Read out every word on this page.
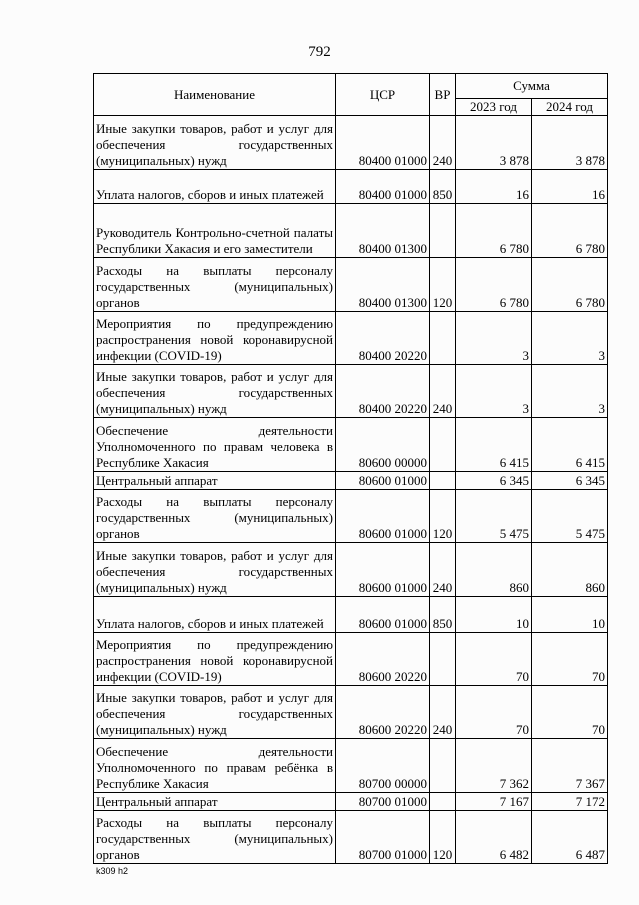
792
Наименование	ЦСР	ВР	Сумма	
			2023 год	2024 год
Иные закупки товаров, работ и услуг для обеспечения государственных (муниципальных) нужд	80400 01000	240	3 878	3 878
Уплата налогов, сборов и иных платежей	80400 01000	850	16	16
Руководитель Контрольно-счетной палаты Республики Хакасия и его заместители	80400 01300		6 780	6 780
Расходы на выплаты персоналу государственных (муниципальных) органов	80400 01300	120	6 780	6 780
Мероприятия по предупреждению распространения новой коронавирусной инфекции (COVID-19)	80400 20220		3	3
Иные закупки товаров, работ и услуг для обеспечения государственных (муниципальных) нужд	80400 20220	240	3	3
Обеспечение деятельности Уполномоченного по правам человека в Республике Хакасия	80600 00000		6 415	6 415
Центральный аппарат	80600 01000		6 345	6 345
Расходы на выплаты персоналу государственных (муниципальных) органов	80600 01000	120	5 475	5 475
Иные закупки товаров, работ и услуг для обеспечения государственных (муниципальных) нужд	80600 01000	240	860	860
Уплата налогов, сборов и иных платежей	80600 01000	850	10	10
Мероприятия по предупреждению распространения новой коронавирусной инфекции (COVID-19)	80600 20220		70	70
Иные закупки товаров, работ и услуг для обеспечения государственных (муниципальных) нужд	80600 20220	240	70	70
Обеспечение деятельности Уполномоченного по правам ребёнка в Республике Хакасия	80700 00000		7 362	7 367
Центральный аппарат	80700 01000		7 167	7 172
Расходы на выплаты персоналу государственных (муниципальных) органов	80700 01000	120	6 482	6 487
k309 h2
